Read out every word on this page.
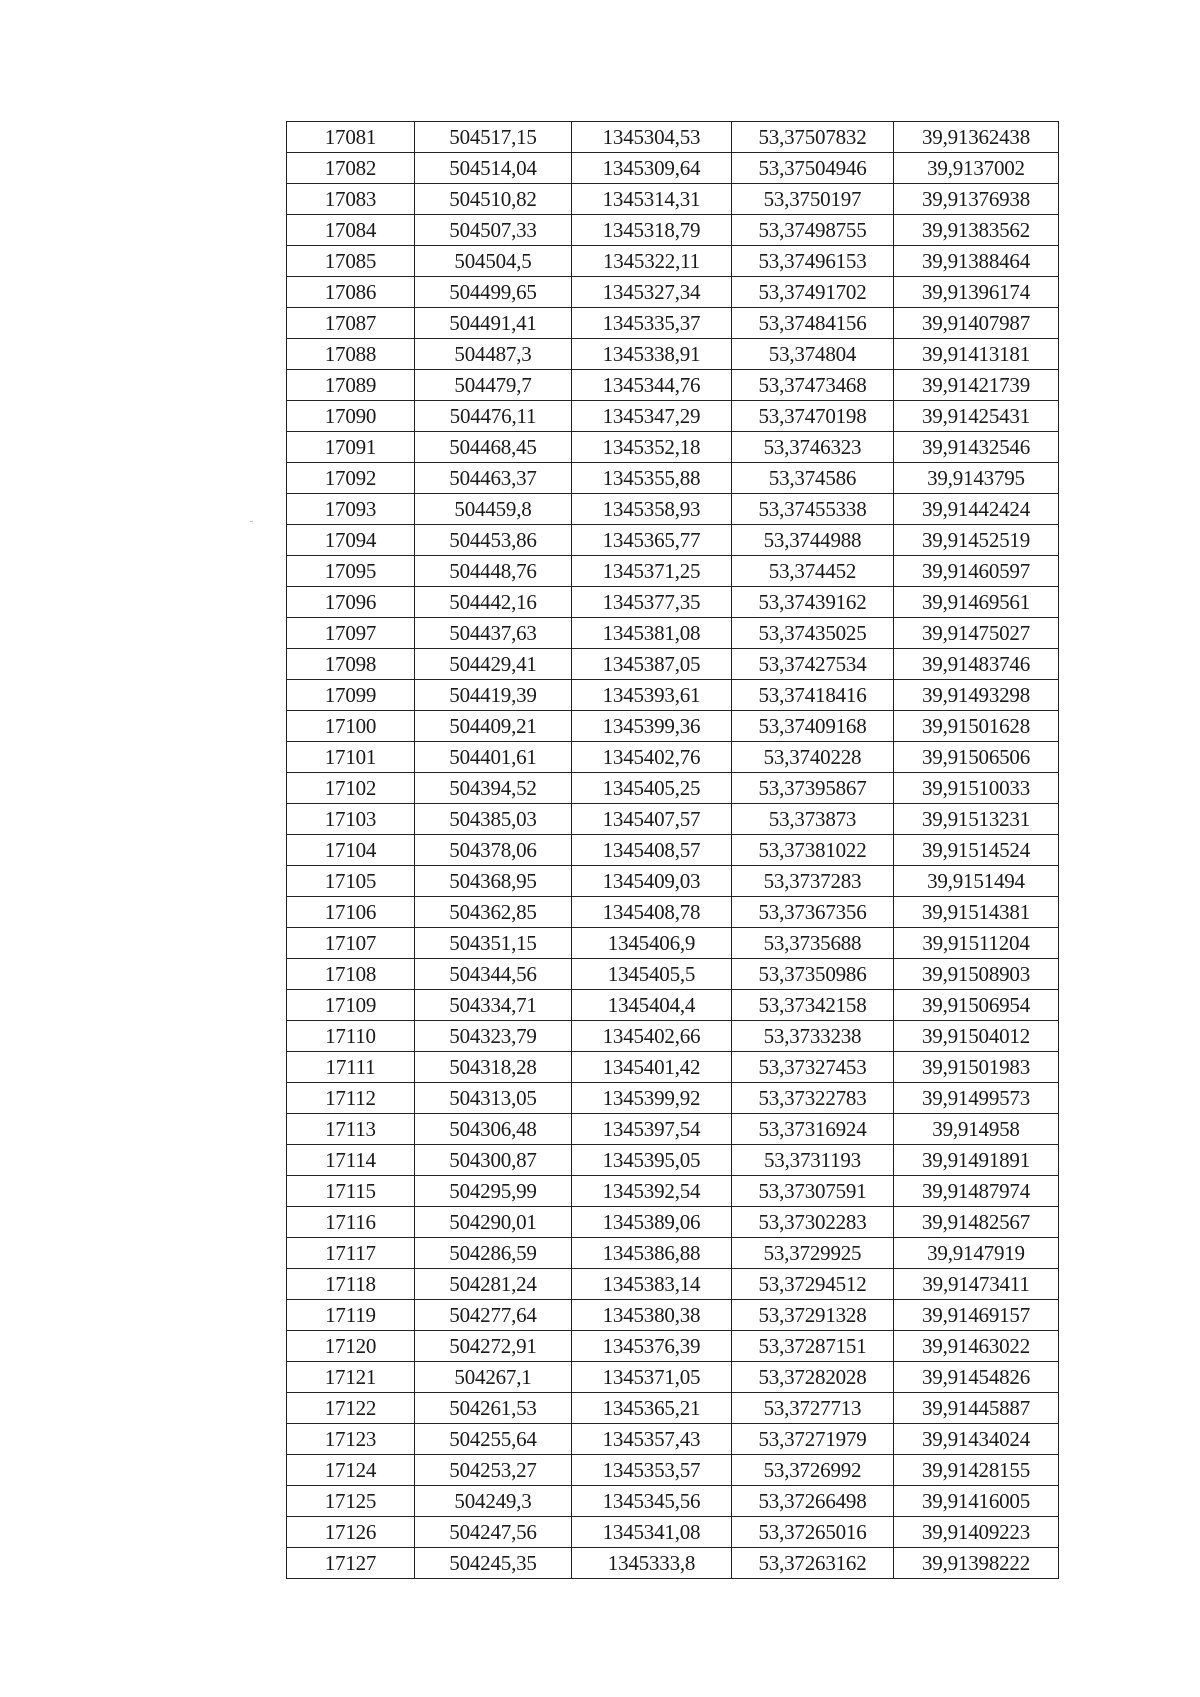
17081	504517,15	1345304,53	53,37507832	39,91362438
17082	504514,04	1345309,64	53,37504946	39,9137002
17083	504510,82	1345314,31	53,3750197	39,91376938
17084	504507,33	1345318,79	53,37498755	39,91383562
17085	504504,5	1345322,11	53,37496153	39,91388464
17086	504499,65	1345327,34	53,37491702	39,91396174
17087	504491,41	1345335,37	53,37484156	39,91407987
17088	504487,3	1345338,91	53,374804	39,91413181
17089	504479,7	1345344,76	53,37473468	39,91421739
17090	504476,11	1345347,29	53,37470198	39,91425431
17091	504468,45	1345352,18	53,3746323	39,91432546
17092	504463,37	1345355,88	53,374586	39,9143795
17093	504459,8	1345358,93	53,37455338	39,91442424
17094	504453,86	1345365,77	53,3744988	39,91452519
17095	504448,76	1345371,25	53,374452	39,91460597
17096	504442,16	1345377,35	53,37439162	39,91469561
17097	504437,63	1345381,08	53,37435025	39,91475027
17098	504429,41	1345387,05	53,37427534	39,91483746
17099	504419,39	1345393,61	53,37418416	39,91493298
17100	504409,21	1345399,36	53,37409168	39,91501628
17101	504401,61	1345402,76	53,3740228	39,91506506
17102	504394,52	1345405,25	53,37395867	39,91510033
17103	504385,03	1345407,57	53,373873	39,91513231
17104	504378,06	1345408,57	53,37381022	39,91514524
17105	504368,95	1345409,03	53,3737283	39,9151494
17106	504362,85	1345408,78	53,37367356	39,91514381
17107	504351,15	1345406,9	53,3735688	39,91511204
17108	504344,56	1345405,5	53,37350986	39,91508903
17109	504334,71	1345404,4	53,37342158	39,91506954
17110	504323,79	1345402,66	53,3733238	39,91504012
17111	504318,28	1345401,42	53,37327453	39,91501983
17112	504313,05	1345399,92	53,37322783	39,91499573
17113	504306,48	1345397,54	53,37316924	39,914958
17114	504300,87	1345395,05	53,3731193	39,91491891
17115	504295,99	1345392,54	53,37307591	39,91487974
17116	504290,01	1345389,06	53,37302283	39,91482567
17117	504286,59	1345386,88	53,3729925	39,9147919
17118	504281,24	1345383,14	53,37294512	39,91473411
17119	504277,64	1345380,38	53,37291328	39,91469157
17120	504272,91	1345376,39	53,37287151	39,91463022
17121	504267,1	1345371,05	53,37282028	39,91454826
17122	504261,53	1345365,21	53,3727713	39,91445887
17123	504255,64	1345357,43	53,37271979	39,91434024
17124	504253,27	1345353,57	53,3726992	39,91428155
17125	504249,3	1345345,56	53,37266498	39,91416005
17126	504247,56	1345341,08	53,37265016	39,91409223
17127	504245,35	1345333,8	53,37263162	39,91398222
